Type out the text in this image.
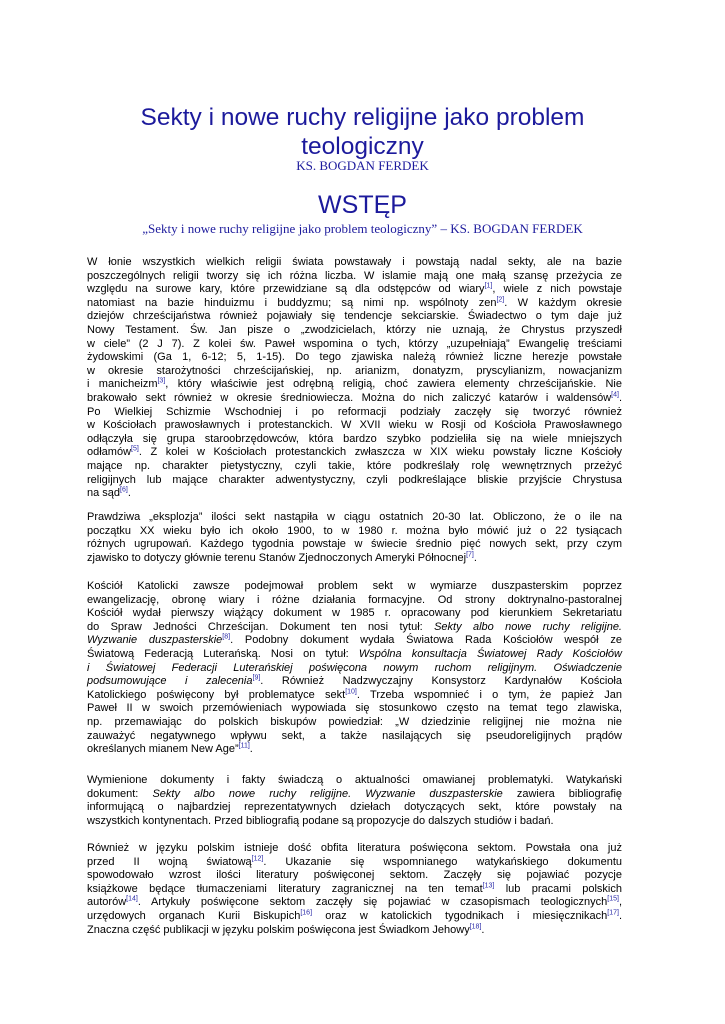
Sekty i nowe ruchy religijne jako problem teologiczny
KS. BOGDAN FERDEK
WSTĘP
„Sekty i nowe ruchy religijne jako problem teologiczny” – KS. BOGDAN FERDEK
W łonie wszystkich wielkich religii świata powstawały i powstają nadal sekty, ale na bazie
poszczególnych religii tworzy się ich różna liczba. W islamie mają one małą szansę przeżycia ze
względu na surowe kary, które przewidziane są dla odstępców od wiary[1], wiele z nich powstaje
natomiast na bazie hinduizmu i buddyzmu; są nimi np. wspólnoty zen[2]. W każdym okresie
dziejów chrześcijaństwa również pojawiały się tendencje sekciarskie. Świadectwo o tym daje już
Nowy Testament. Św. Jan pisze o „zwodzicielach, którzy nie uznają, że Chrystus przyszedł
w ciele” (2 J 7). Z kolei św. Paweł wspomina o tych, którzy „uzupełniają” Ewangelię treściami
żydowskimi (Ga 1, 6-12; 5, 1-15). Do tego zjawiska należą również liczne herezje powstałe
w okresie starożytności chrześcijańskiej, np. arianizm, donatyzm, pryscylianizm, nowacjanizm
i manicheizm[3], który właściwie jest odrębną religią, choć zawiera elementy chrześcijańskie. Nie
brakowało sekt również w okresie średniowiecza. Można do nich zaliczyć katarów i waldensów[4].
Po Wielkiej Schizmie Wschodniej i po reformacji podziały zaczęły się tworzyć również
w Kościołach prawosławnych i protestanckich. W XVII wieku w Rosji od Kościoła Prawosławnego
odłączyła się grupa staroobrzędowców, która bardzo szybko podzieliła się na wiele mniejszych
odłamów[5]. Z kolei w Kościołach protestanckich zwłaszcza w XIX wieku powstały liczne Kościoły
mające np. charakter pietystyczny, czyli takie, które podkreślały rolę wewnętrznych przeżyć
religijnych lub mające charakter adwentystyczny, czyli podkreślające bliskie przyjście Chrystusa
na sąd[6].
Prawdziwa „eksplozja” ilości sekt nastąpiła w ciągu ostatnich 20-30 lat. Obliczono, że o ile na
początku XX wieku było ich około 1900, to w 1980 r. można było mówić już o 22 tysiącach
różnych ugrupowań. Każdego tygodnia powstaje w świecie średnio pięć nowych sekt, przy czym
zjawisko to dotyczy głównie terenu Stanów Zjednoczonych Ameryki Północnej[7].
Kościół Katolicki zawsze podejmował problem sekt w wymiarze duszpasterskim poprzez
ewangelizację, obronę wiary i różne działania formacyjne. Od strony doktrynalno-pastoralnej
Kościół wydał pierwszy wiążący dokument w 1985 r. opracowany pod kierunkiem Sekretariatu
do Spraw Jedności Chrześcijan. Dokument ten nosi tytuł: Sekty albo nowe ruchy religijne.
Wyzwanie duszpasterskie[8]. Podobny dokument wydała Światowa Rada Kościołów wespół ze
Światową Federacją Luterańską. Nosi on tytuł: Wspólna konsultacja Światowej Rady Kościołów
i Światowej Federacji Luterańskiej poświęcona nowym ruchom religijnym. Oświadczenie
podsumowujące i zalecenia[9]. Również Nadzwyczajny Konsystorz Kardynałów Kościoła
Katolickiego poświęcony był problematyce sekt[10]. Trzeba wspomnieć i o tym, że papież Jan
Paweł II w swoich przemówieniach wypowiada się stosunkowo często na temat tego zlawiska,
np. przemawiając do polskich biskupów powiedział: „W dziedzinie religijnej nie można nie
zauważyć negatywnego wpływu sekt, a także nasilających się pseudoreligijnych prądów
określanych mianem New Age”[11].
Wymienione dokumenty i fakty świadczą o aktualności omawianej problematyki. Watykański
dokument: Sekty albo nowe ruchy religijne. Wyzwanie duszpasterskie zawiera bibliografię
informującą o najbardziej reprezentatywnych dziełach dotyczących sekt, które powstały na
wszystkich kontynentach. Przed bibliografią podane są propozycje do dalszych studiów i badań.
Również w języku polskim istnieje dość obfita literatura poświęcona sektom. Powstała ona już
przed II wojną światową[12]. Ukazanie się wspomnianego watykańskiego dokumentu
spowodowało wzrost ilości literatury poświęconej sektom. Zaczęły się pojawiać pozycje
książkowe będące tłumaczeniami literatury zagranicznej na ten temat[13] lub pracami polskich
autorów[14]. Artykuły poświęcone sektom zaczęły się pojawiać w czasopismach teologicznych[15],
urzędowych organach Kurii Biskupich[16] oraz w katolickich tygodnikach i miesięcznikach[17].
Znaczna część publikacji w języku polskim poświęcona jest Świadkom Jehowy[18].
